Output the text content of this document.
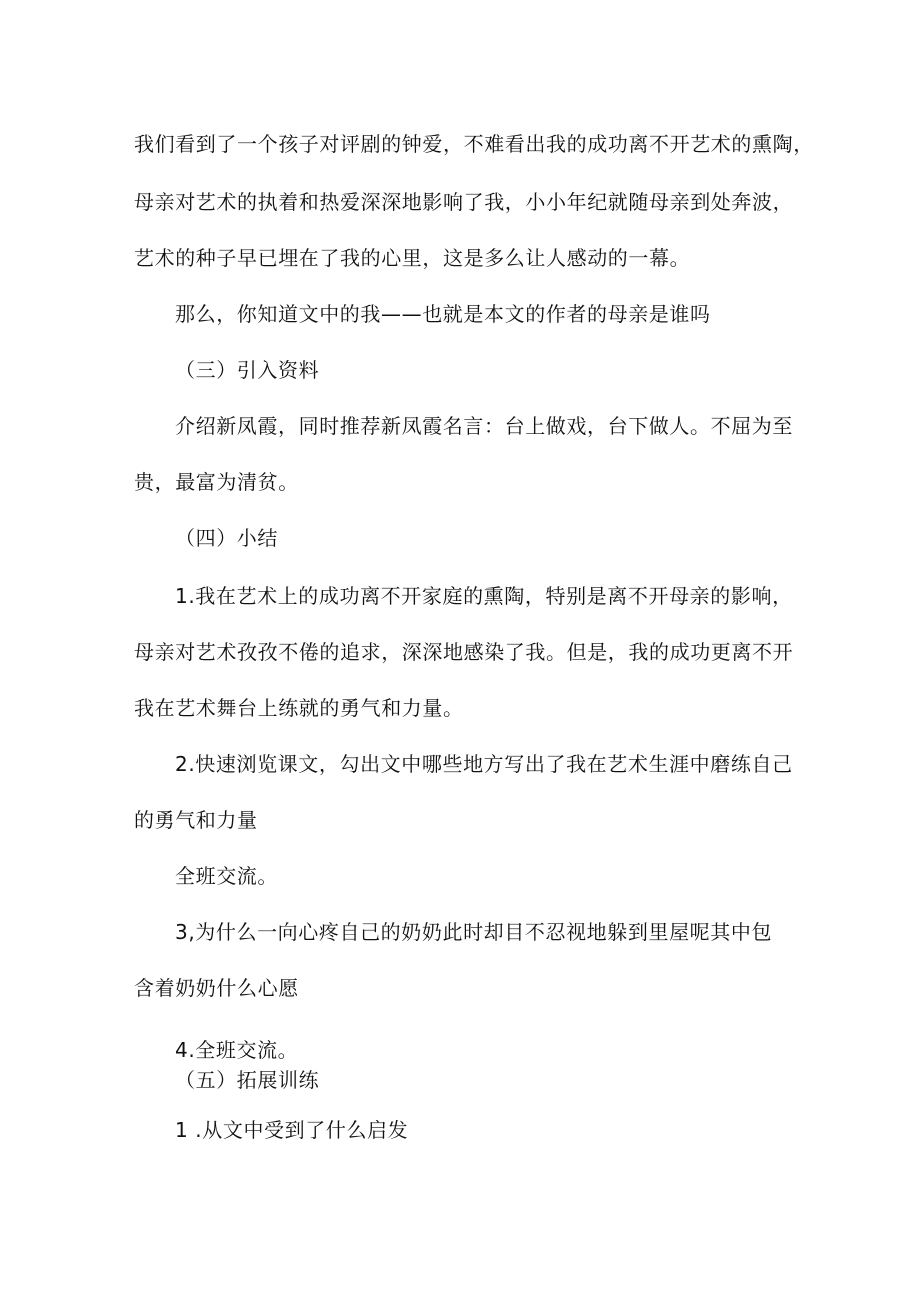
我们看到了一个孩子对评剧的钟爱，不难看出我的成功离不开艺术的熏陶，
母亲对艺术的执着和热爱深深地影响了我，小小年纪就随母亲到处奔波，
艺术的种子早已埋在了我的心里，这是多么让人感动的一幕。
那么，你知道文中的我——也就是本文的作者的母亲是谁吗
（三）引入资料
介绍新凤霞，同时推荐新凤霞名言：台上做戏，台下做人。不屈为至
贵，最富为清贫。
（四）小结
1.我在艺术上的成功离不开家庭的熏陶，特别是离不开母亲的影响，
母亲对艺术孜孜不倦的追求，深深地感染了我。但是，我的成功更离不开
我在艺术舞台上练就的勇气和力量。
2.快速浏览课文，勾出文中哪些地方写出了我在艺术生涯中磨练自己
的勇气和力量
全班交流。
3,为什么一向心疼自己的奶奶此时却目不忍视地躲到里屋呢其中包
含着奶奶什么心愿
4.全班交流。
（五）拓展训练
1 .从文中受到了什么启发
